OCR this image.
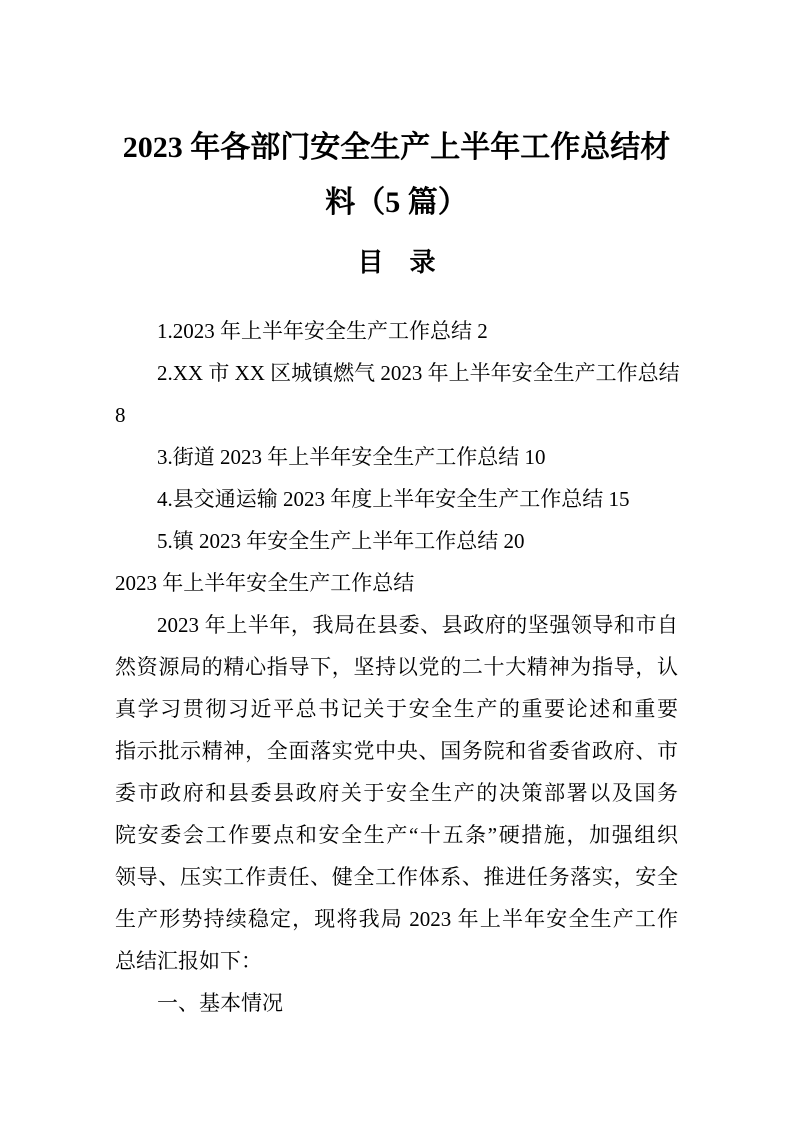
2023 年各部门安全生产上半年工作总结材
料（5 篇）
目　录
1.2023 年上半年安全生产工作总结 2
2.XX 市 XX 区城镇燃气 2023 年上半年安全生产工作总结
8
3.街道 2023 年上半年安全生产工作总结 10
4.县交通运输 2023 年度上半年安全生产工作总结 15
5.镇 2023 年安全生产上半年工作总结 20
2023 年上半年安全生产工作总结
2023 年上半年，我局在县委、县政府的坚强领导和市自
然资源局的精心指导下，坚持以党的二十大精神为指导，认
真学习贯彻习近平总书记关于安全生产的重要论述和重要
指示批示精神，全面落实党中央、国务院和省委省政府、市
委市政府和县委县政府关于安全生产的决策部署以及国务
院安委会工作要点和安全生产“十五条”硬措施，加强组织
领导、压实工作责任、健全工作体系、推进任务落实，安全
生产形势持续稳定，现将我局 2023 年上半年安全生产工作
总结汇报如下：
一、基本情况
